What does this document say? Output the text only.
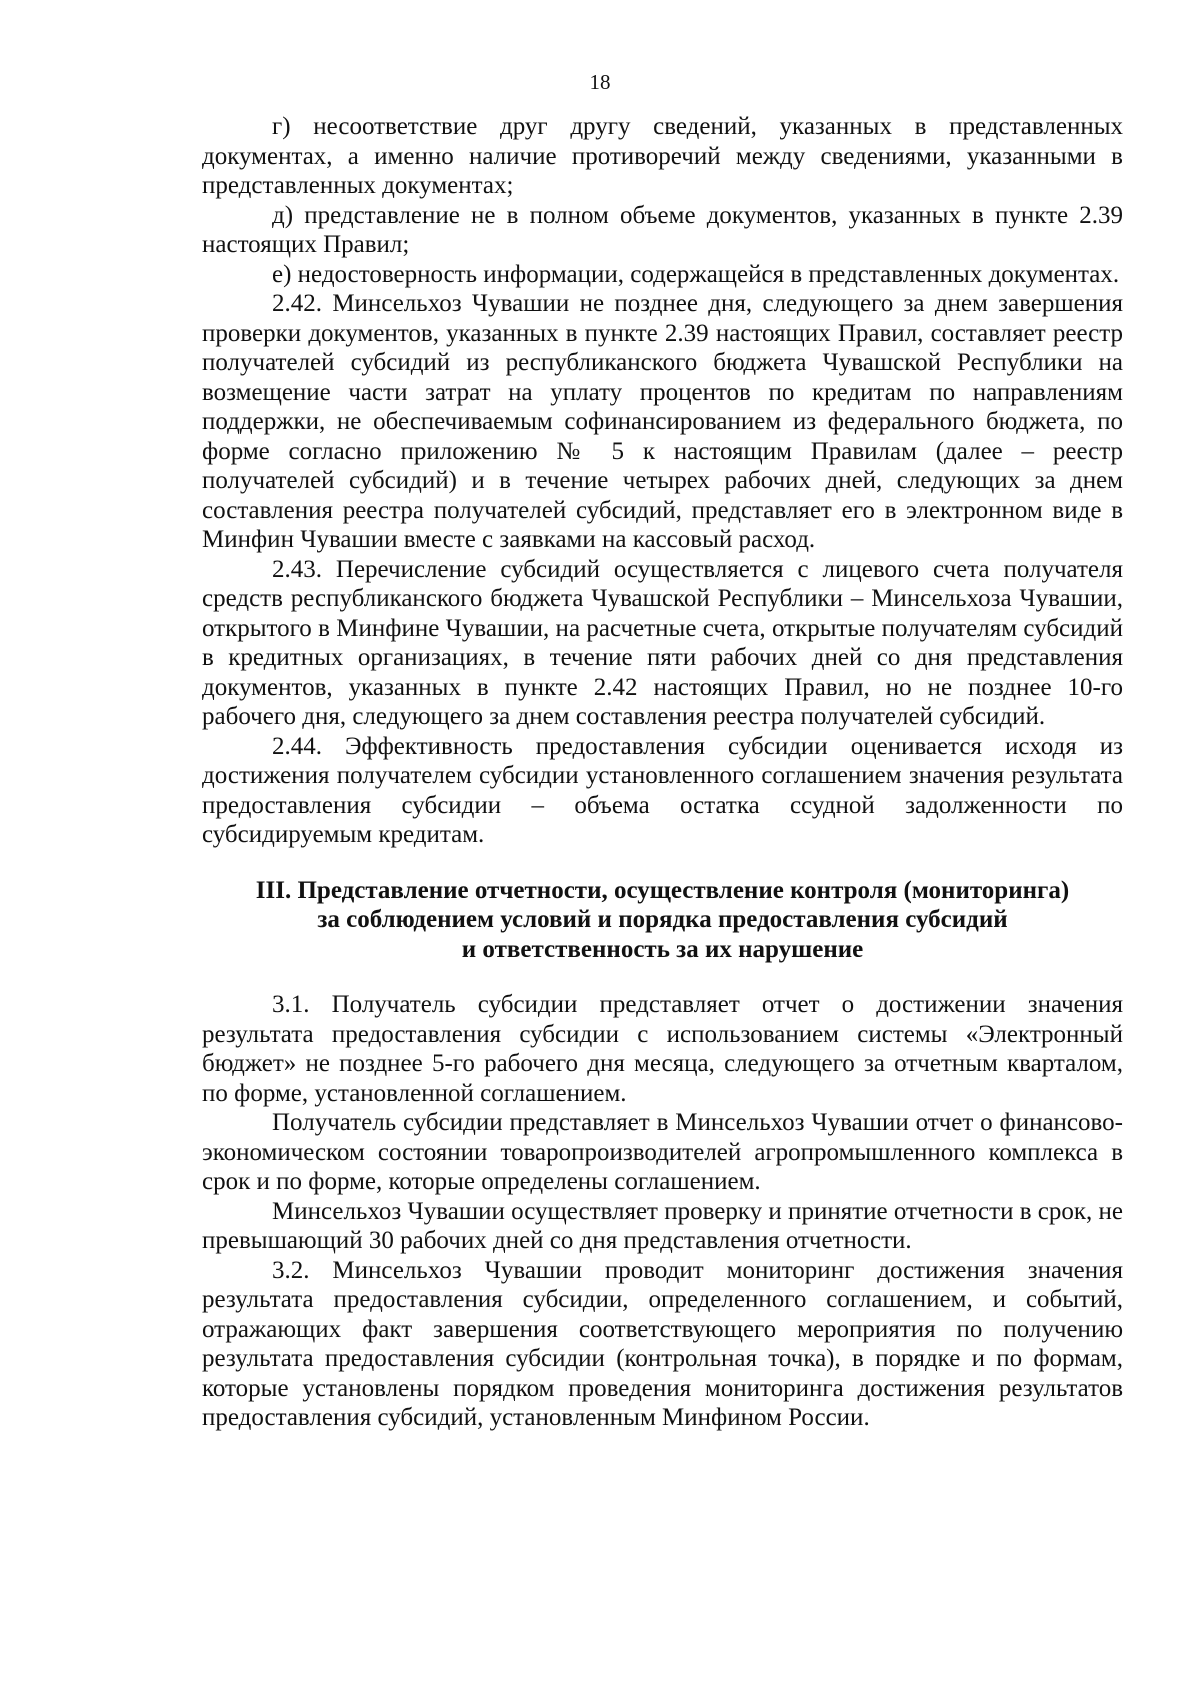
18

г) несоответствие друг другу сведений, указанных в представленных документах, а именно наличие противоречий между сведениями, указанными в представленных документах;

д) представление не в полном объеме документов, указанных в пункте 2.39 настоящих Правил;

е) недостоверность информации, содержащейся в представленных документах.

2.42. Минсельхоз Чувашии не позднее дня, следующего за днем завершения проверки документов, указанных в пункте 2.39 настоящих Правил, составляет реестр получателей субсидий из республиканского бюджета Чувашской Республики на возмещение части затрат на уплату процентов по кредитам по направлениям поддержки, не обеспечиваемым софинансированием из федерального бюджета, по форме согласно приложению № 5 к настоящим Правилам (далее – реестр получателей субсидий) и в течение четырех рабочих дней, следующих за днем составления реестра получателей субсидий, представляет его в электронном виде в Минфин Чувашии вместе с заявками на кассовый расход.

2.43. Перечисление субсидий осуществляется с лицевого счета получателя средств республиканского бюджета Чувашской Республики – Минсельхоза Чувашии, открытого в Минфине Чувашии, на расчетные счета, открытые получателям субсидий в кредитных организациях, в течение пяти рабочих дней со дня представления документов, указанных в пункте 2.42 настоящих Правил, но не позднее 10-го рабочего дня, следующего за днем составления реестра получателей субсидий.

2.44. Эффективность предоставления субсидии оценивается исходя из достижения получателем субсидии установленного соглашением значения результата предоставления субсидии – объема остатка ссудной задолженности по субсидируемым кредитам.

III. Представление отчетности, осуществление контроля (мониторинга)
за соблюдением условий и порядка предоставления субсидий
и ответственность за их нарушение

3.1. Получатель субсидии представляет отчет о достижении значения результата предоставления субсидии с использованием системы «Электронный бюджет» не позднее 5-го рабочего дня месяца, следующего за отчетным кварталом, по форме, установленной соглашением.

Получатель субсидии представляет в Минсельхоз Чувашии отчет о финансово-экономическом состоянии товаропроизводителей агропромышленного комплекса в срок и по форме, которые определены соглашением.

Минсельхоз Чувашии осуществляет проверку и принятие отчетности в срок, не превышающий 30 рабочих дней со дня представления отчетности.

3.2. Минсельхоз Чувашии проводит мониторинг достижения значения результата предоставления субсидии, определенного соглашением, и событий, отражающих факт завершения соответствующего мероприятия по получению результата предоставления субсидии (контрольная точка), в порядке и по формам, которые установлены порядком проведения мониторинга достижения результатов предоставления субсидий, установленным Минфином России.
